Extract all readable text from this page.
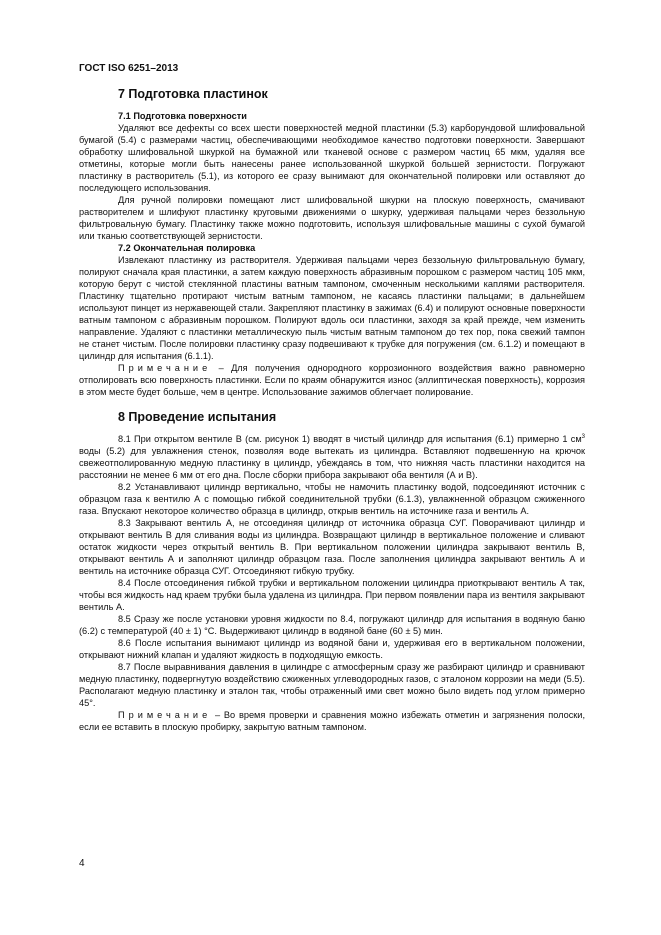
ГОСТ ISO 6251–2013
7 Подготовка пластинок
7.1 Подготовка поверхности

Удаляют все дефекты со всех шести поверхностей медной пластинки (5.3) карборундовой шлифовальной бумагой (5.4) с размерами частиц, обеспечивающими необходимое качество подготовки поверхности. Завершают обработку шлифовальной шкуркой на бумажной или тканевой основе с размером частиц 65 мкм, удаляя все отметины, которые могли быть нанесены ранее использованной шкуркой большей зернистости. Погружают пластинку в растворитель (5.1), из которого ее сразу вынимают для окончательной полировки или оставляют до последующего использования.

Для ручной полировки помещают лист шлифовальной шкурки на плоскую поверхность, смачивают растворителем и шлифуют пластинку круговыми движениями о шкурку, удерживая пальцами через беззольную фильтровальную бумагу. Пластинку также можно подготовить, используя шлифовальные машины с сухой бумагой или тканью соответствующей зернистости.

7.2 Окончательная полировка

Извлекают пластинку из растворителя. Удерживая пальцами через беззольную фильтровальную бумагу, полируют сначала края пластинки, а затем каждую поверхность абразивным порошком с размером частиц 105 мкм, которую берут с чистой стеклянной пластины ватным тампоном, смоченным несколькими каплями растворителя. Пластинку тщательно протирают чистым ватным тампоном, не касаясь пластинки пальцами; в дальнейшем используют пинцет из нержавеющей стали. Закрепляют пластинку в зажимах (6.4) и полируют основные поверхности ватным тампоном с абразивным порошком. Полируют вдоль оси пластинки, заходя за край прежде, чем изменить направление. Удаляют с пластинки металлическую пыль чистым ватным тампоном до тех пор, пока свежий тампон не станет чистым. После полировки пластинку сразу подвешивают к трубке для погружения (см. 6.1.2) и помещают в цилиндр для испытания (6.1.1).

Примечание – Для получения однородного коррозионного воздействия важно равномерно отполировать всю поверхность пластинки. Если по краям обнаружится износ (эллиптическая поверхность), коррозия в этом месте будет больше, чем в центре. Использование зажимов облегчает полирование.

8 Проведение испытания

8.1 При открытом вентиле В (см. рисунок 1) вводят в чистый цилиндр для испытания (6.1) примерно 1 $см^3$ воды (5.2) для увлажнения стенок, позволяя воде вытекать из цилиндра. Вставляют подвешенную на крючок свежеотполированную медную пластинку в цилиндр, убеждаясь в том, что нижняя часть пластинки находится на расстоянии не менее 6 мм от его дна. После сборки прибора закрывают оба вентиля (А и В).

8.2 Устанавливают цилиндр вертикально, чтобы не намочить пластинку водой, подсоединяют источник с образцом газа к вентилю А с помощью гибкой соединительной трубки (6.1.3), увлажненной образцом сжиженного газа. Впускают некоторое количество образца в цилиндр, открыв вентиль на источнике газа и вентиль А.

8.3 Закрывают вентиль А, не отсоединяя цилиндр от источника образца СУГ. Поворачивают цилиндр и открывают вентиль В для сливания воды из цилиндра. Возвращают цилиндр в вертикальное положение и сливают остаток жидкости через открытый вентиль В. При вертикальном положении цилиндра закрывают вентиль В, открывают вентиль А и заполняют цилиндр образцом газа. После заполнения цилиндра закрывают вентиль А и вентиль на источнике образца СУГ. Отсоединяют гибкую трубку.

8.4 После отсоединения гибкой трубки и вертикальном положении цилиндра приоткрывают вентиль А так, чтобы вся жидкость над краем трубки была удалена из цилиндра. При первом появлении пара из вентиля закрывают вентиль А.

8.5 Сразу же после установки уровня жидкости по 8.4, погружают цилиндр для испытания в водяную баню (6.2) с температурой (40 ± 1) °С. Выдерживают цилиндр в водяной бане (60 ± 5) мин.

8.6 После испытания вынимают цилиндр из водяной бани и, удерживая его в вертикальном положении, открывают нижний клапан и удаляют жидкость в подходящую емкость.

8.7 После выравнивания давления в цилиндре с атмосферным сразу же разбирают цилиндр и сравнивают медную пластинку, подвергнутую воздействию сжиженных углеводородных газов, с эталоном коррозии на меди (5.5). Располагают медную пластинку и эталон так, чтобы отраженный ими свет можно было видеть под углом примерно 45°.

Примечание – Во время проверки и сравнения можно избежать отметин и загрязнения полоски, если ее вставить в плоскую пробирку, закрытую ватным тампоном.

4
